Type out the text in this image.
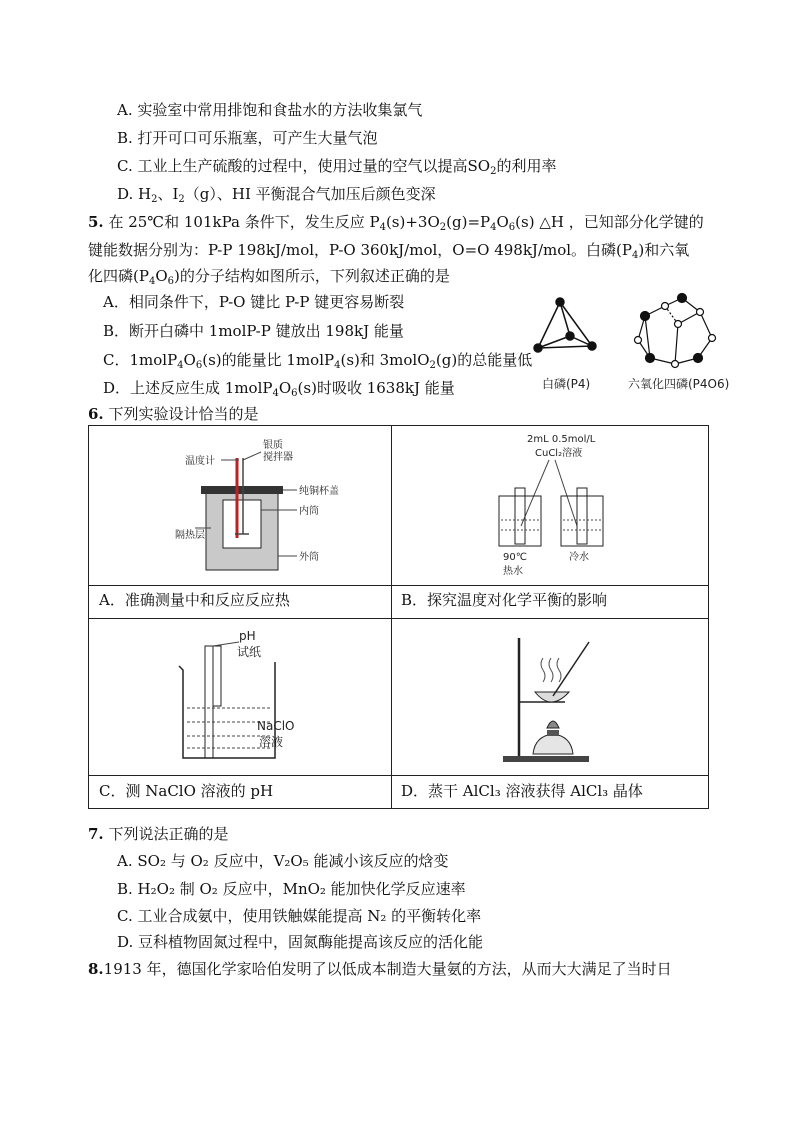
A. 实验室中常用排饱和食盐水的方法收集氯气
B. 打开可口可乐瓶塞，可产生大量气泡
C. 工业上生产硫酸的过程中，使用过量的空气以提高$SO_2$的利用率
D. $H_2$、$I_2(g)$、HI 平衡混合气加压后颜色变深
5. 在 25℃和 101kPa 条件下，发生反应 $P_4(s)+3O_2(g)=P_4O_6(s)$ △H ，已知部分化学键的
键能数据分别为：P-P 198kJ/mol，P-O 360kJ/mol，O=O 498kJ/mol。白磷$(P_4)$和六氧
化四磷$(P_4O_6)$的分子结构如图所示，下列叙述正确的是
A．相同条件下，P-O 键比 P-P 键更容易断裂
B．断开白磷中 1molP-P 键放出 198kJ 能量
C．$1molP_4O_6(s)$的能量比 1molP$_4$(s)和 3molO$_2$(g)的总能量低
D．上述反应生成 $1molP_4O_6(s)$时吸收 1638kJ 能量	白磷(P4)	六氧化四磷(P4O6)
6. 下列实验设计恰当的是
温度计
银质
搅拌器
纯铜杯盖
内筒
隔热层
外筒
2mL 0.5mol/L
CuCl₂溶液
90℃
热水
冷水
pH
试纸
NaClO
溶液
A．准确测量中和反应反应热	B．探究温度对化学平衡的影响
C．测 NaClO 溶液的 pH	D．蒸干 AlCl₃ 溶液获得 AlCl₃ 晶体
7. 下列说法正确的是
A. SO₂ 与 O₂ 反应中，V₂O₅ 能减小该反应的焓变
B. H₂O₂ 制 O₂ 反应中，MnO₂ 能加快化学反应速率
C. 工业合成氨中，使用铁触媒能提高 N₂ 的平衡转化率
D. 豆科植物固氮过程中，固氮酶能提高该反应的活化能
8.1913 年，德国化学家哈伯发明了以低成本制造大量氨的方法，从而大大满足了当时日
